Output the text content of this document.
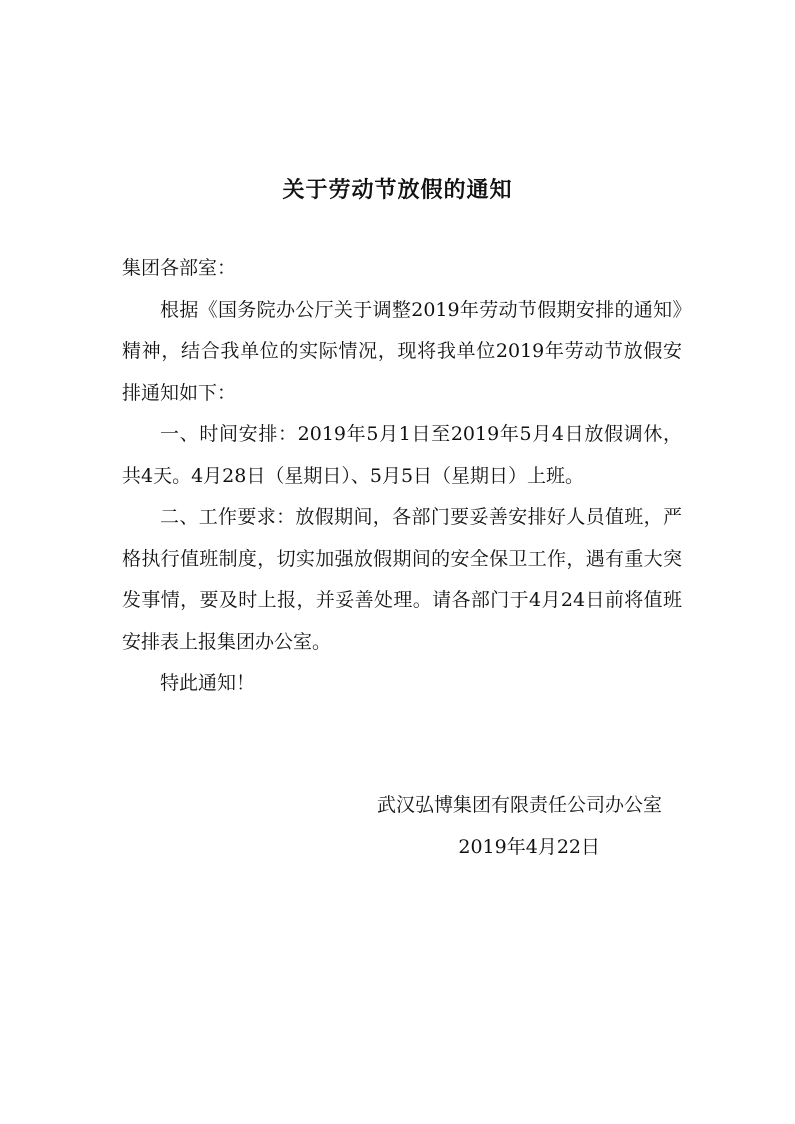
关于劳动节放假的通知

集团各部室：

根据《国务院办公厅关于调整2019年劳动节假期安排的通知》精神，结合我单位的实际情况，现将我单位2019年劳动节放假安排通知如下：

一、时间安排：2019年5月1日至2019年5月4日放假调休，共4天。4月28日（星期日）、5月5日（星期日）上班。

二、工作要求：放假期间，各部门要妥善安排好人员值班，严格执行值班制度，切实加强放假期间的安全保卫工作，遇有重大突发事情，要及时上报，并妥善处理。请各部门于4月24日前将值班安排表上报集团办公室。

特此通知！

武汉弘博集团有限责任公司办公室
2019年4月22日
